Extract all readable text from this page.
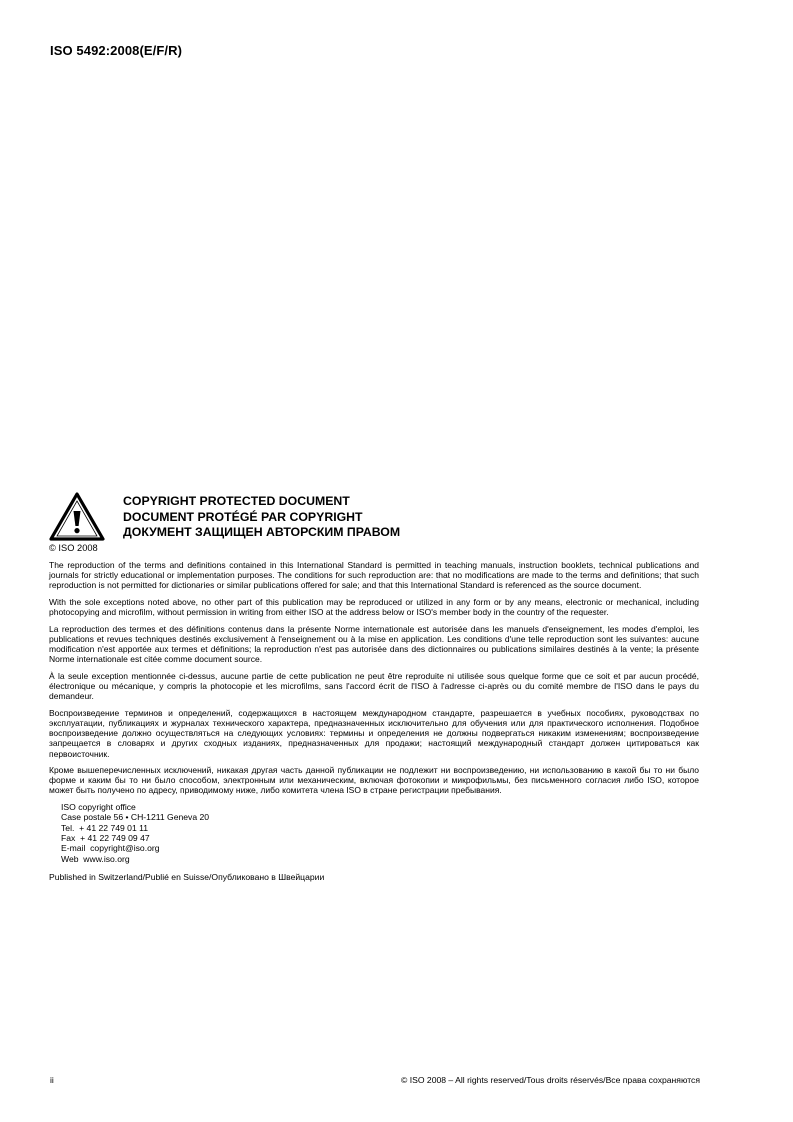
ISO 5492:2008(E/F/R)
COPYRIGHT PROTECTED DOCUMENT
DOCUMENT PROTÉGÉ PAR COPYRIGHT
ДОКУМЕНТ ЗАЩИЩЕН АВТОРСКИМ ПРАВОМ
© ISO 2008

The reproduction of the terms and definitions contained in this International Standard is permitted in teaching manuals, instruction booklets, technical publications and journals for strictly educational or implementation purposes. The conditions for such reproduction are: that no modifications are made to the terms and definitions; that such reproduction is not permitted for dictionaries or similar publications offered for sale; and that this International Standard is referenced as the source document.

With the sole exceptions noted above, no other part of this publication may be reproduced or utilized in any form or by any means, electronic or mechanical, including photocopying and microfilm, without permission in writing from either ISO at the address below or ISO's member body in the country of the requester.

La reproduction des termes et des définitions contenus dans la présente Norme internationale est autorisée dans les manuels d'enseignement, les modes d'emploi, les publications et revues techniques destinés exclusivement à l'enseignement ou à la mise en application. Les conditions d'une telle reproduction sont les suivantes: aucune modification n'est apportée aux termes et définitions; la reproduction n'est pas autorisée dans des dictionnaires ou publications similaires destinés à la vente; la présente Norme internationale est citée comme document source.

À la seule exception mentionnée ci-dessus, aucune partie de cette publication ne peut être reproduite ni utilisée sous quelque forme que ce soit et par aucun procédé, électronique ou mécanique, y compris la photocopie et les microfilms, sans l'accord écrit de l'ISO à l'adresse ci-après ou du comité membre de l'ISO dans le pays du demandeur.

Воспроизведение терминов и определений, содержащихся в настоящем международном стандарте, разрешается в учебных пособиях, руководствах по эксплуатации, публикациях и журналах технического характера, предназначенных исключительно для обучения или для практического исполнения. Подобное воспроизведение должно осуществляться на следующих условиях: термины и определения не должны подвергаться никаким изменениям; воспроизведение запрещается в словарях и других сходных изданиях, предназначенных для продажи; настоящий международный стандарт должен цитироваться как первоисточник.

Кроме вышеперечисленных исключений, никакая другая часть данной публикации не подлежит ни воспроизведению, ни использованию в какой бы то ни было форме и каким бы то ни было способом, электронным или механическим, включая фотокопии и микрофильмы, без письменного согласия либо ISO, которое может быть получено по адресу, приводимому ниже, либо комитета члена ISO в стране регистрации пребывания.

ISO copyright office
Case postale 56 • CH-1211 Geneva 20
Tel.  + 41 22 749 01 11
Fax  + 41 22 749 09 47
E-mail  copyright@iso.org
Web  www.iso.org
Published in Switzerland/Publié en Suisse/Опубликовано в Швейцарии
ii	© ISO 2008 – All rights reserved/Tous droits réservés/Все права сохраняются
